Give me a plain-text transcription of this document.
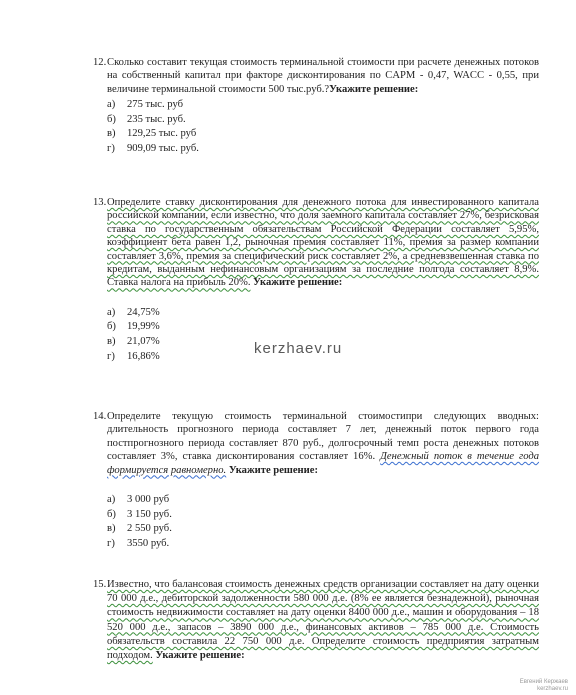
12. Сколько составит текущая стоимость терминальной стоимости при расчете денежных потоков на собственный капитал при факторе дисконтирования по CAPM - 0,47, WACC - 0,55, при величине терминальной стоимости 500 тыс.руб.?Укажите решение:
а) 275 тыс. руб
б) 235 тыс. руб.
в) 129,25 тыс. руб
г) 909,09 тыс. руб.
13. Определите ставку дисконтирования для денежного потока для инвестированного капитала российской компании, если известно, что доля заемного капитала составляет 27%, безрисковая ставка по государственным обязательствам Российской Федерации составляет 5,95%, коэффициент бета равен 1,2, рыночная премия составляет 11%, премия за размер компании составляет 3,6%, премия за специфический риск составляет 2%, а средневзвешенная ставка по кредитам, выданным нефинансовым организациям за последние полгода составляет 8,9%. Ставка налога на прибыль 20%. Укажите решение:
а) 24,75%
б) 19,99%
в) 21,07%
г) 16,86%	kerzhaev.ru
14. Определите текущую стоимость терминальной стоимостипри следующих вводных: длительность прогнозного периода составляет 7 лет, денежный поток первого года постпрогнозного периода составляет 870 руб., долгосрочный темп роста денежных потоков составляет 3%, ставка дисконтирования составляет 16%. Денежный поток в течение года формируется равномерно. Укажите решение:
а) 3 000 руб
б) 3 150 руб.
в) 2 550 руб.
г) 3550 руб.
15. Известно, что балансовая стоимость денежных средств организации составляет на дату оценки 70 000 д.е., дебиторской задолженности 580 000 д.е. (8% ее является безнадежной), рыночная стоимость недвижимости составляет на дату оценки 8400 000 д.е., машин и оборудования – 18 520 000 д.е., запасов – 3890 000 д.е., финансовых активов – 785 000 д.е. Стоимость обязательств составила 22 750 000 д.е. Определите стоимость предприятия затратным подходом. Укажите решение:
Евгений Кержаев
kerzhaev.ru
